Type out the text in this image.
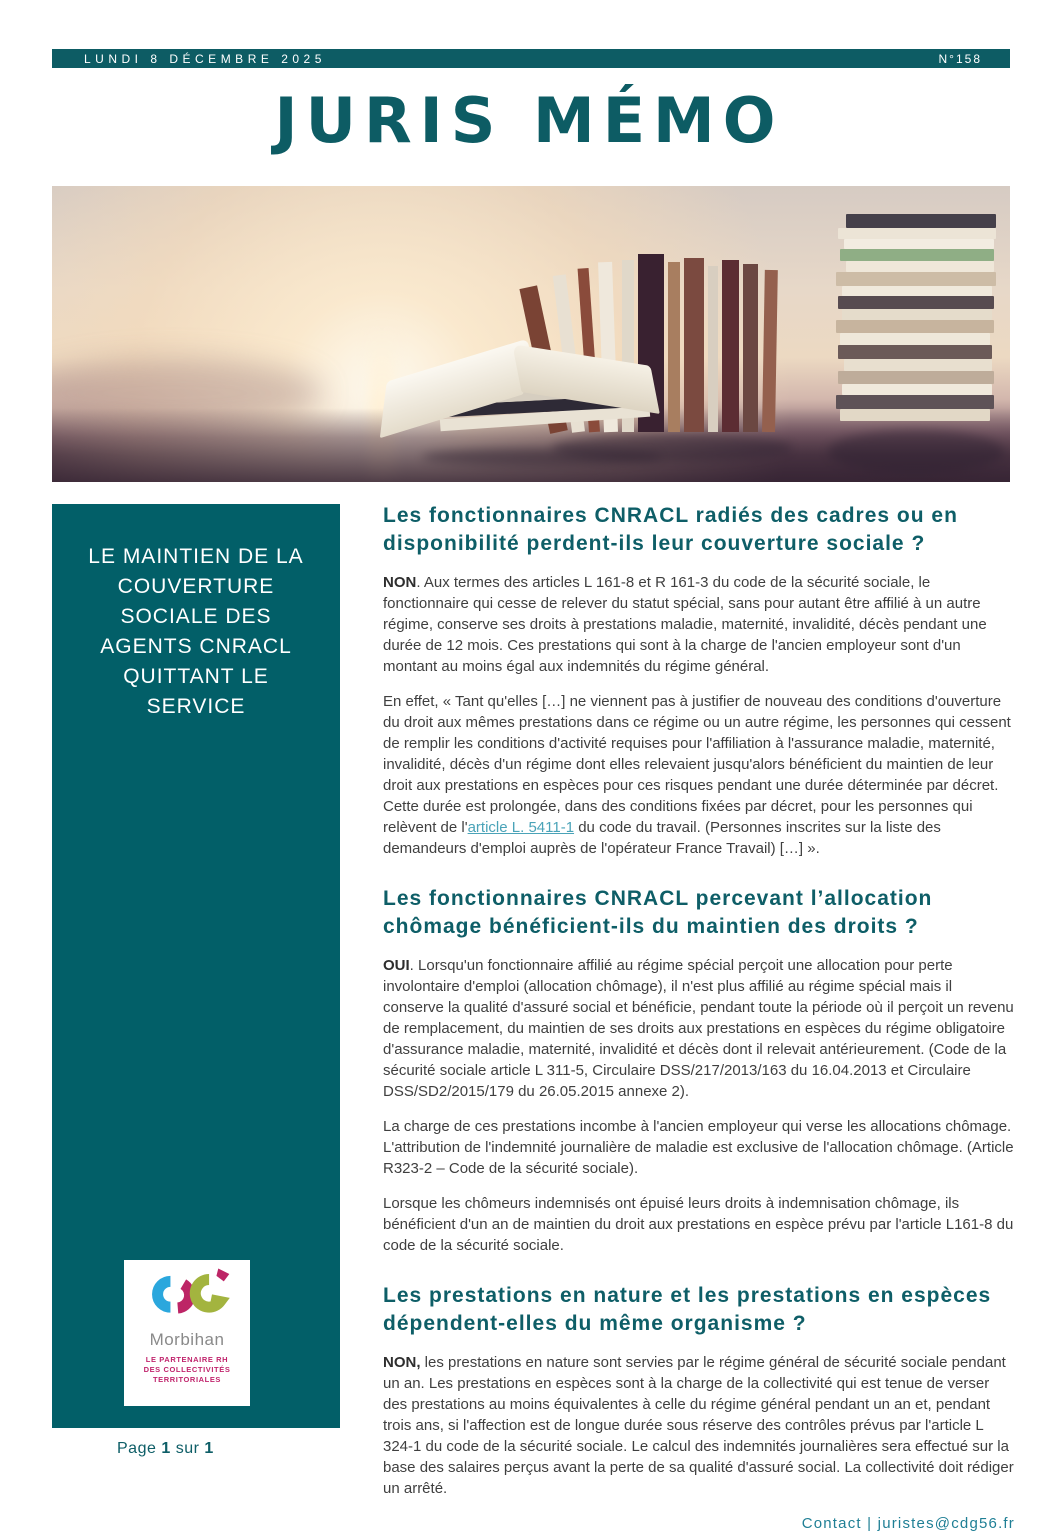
LUNDI 8 DÉCEMBRE 2025	N°158
JURIS MÉMO
LE MAINTIEN DE LA COUVERTURE SOCIALE DES AGENTS CNRACL QUITTANT LE SERVICE
Morbihan
LE PARTENAIRE RH
DES COLLECTIVITÉS
TERRITORIALES
Les fonctionnaires CNRACL radiés des cadres ou en disponibilité perdent-ils leur couverture sociale ?

NON. Aux termes des articles L 161-8 et R 161-3 du code de la sécurité sociale, le fonctionnaire qui cesse de relever du statut spécial, sans pour autant être affilié à un autre régime, conserve ses droits à prestations maladie, maternité, invalidité, décès pendant une durée de 12 mois. Ces prestations qui sont à la charge de l'ancien employeur sont d'un montant au moins égal aux indemnités du régime général.

En effet, « Tant qu'elles […] ne viennent pas à justifier de nouveau des conditions d'ouverture du droit aux mêmes prestations dans ce régime ou un autre régime, les personnes qui cessent de remplir les conditions d'activité requises pour l'affiliation à l'assurance maladie, maternité, invalidité, décès d'un régime dont elles relevaient jusqu'alors bénéficient du maintien de leur droit aux prestations en espèces pour ces risques pendant une durée déterminée par décret. Cette durée est prolongée, dans des conditions fixées par décret, pour les personnes qui relèvent de l'article L. 5411-1 du code du travail. (Personnes inscrites sur la liste des demandeurs d'emploi auprès de l'opérateur France Travail) […] ».

Les fonctionnaires CNRACL percevant l’allocation chômage bénéficient-ils du maintien des droits ?

OUI. Lorsqu'un fonctionnaire affilié au régime spécial perçoit une allocation pour perte involontaire d'emploi (allocation chômage), il n'est plus affilié au régime spécial mais il conserve la qualité d'assuré social et bénéficie, pendant toute la période où il perçoit un revenu de remplacement, du maintien de ses droits aux prestations en espèces du régime obligatoire d'assurance maladie, maternité, invalidité et décès dont il relevait antérieurement. (Code de la sécurité sociale article L 311-5, Circulaire DSS/217/2013/163 du 16.04.2013 et Circulaire DSS/SD2/2015/179 du 26.05.2015 annexe 2).

La charge de ces prestations incombe à l'ancien employeur qui verse les allocations chômage. L'attribution de l'indemnité journalière de maladie est exclusive de l'allocation chômage. (Article R323-2 – Code de la sécurité sociale).

Lorsque les chômeurs indemnisés ont épuisé leurs droits à indemnisation chômage, ils bénéficient d'un an de maintien du droit aux prestations en espèce prévu par l'article L161-8 du code de la sécurité sociale.

Les prestations en nature et les prestations en espèces dépendent-elles du même organisme ?

NON, les prestations en nature sont servies par le régime général de sécurité sociale pendant un an. Les prestations en espèces sont à la charge de la collectivité qui est tenue de verser des prestations au moins équivalentes à celle du régime général pendant un an et, pendant trois ans, si l'affection est de longue durée sous réserve des contrôles prévus par l'article L 324-1 du code de la sécurité sociale. Le calcul des indemnités journalières sera effectué sur la base des salaires perçus avant la perte de sa qualité d'assuré social. La collectivité doit rédiger un arrêté.

Contact | juristes@cdg56.fr
Page 1 sur 1
